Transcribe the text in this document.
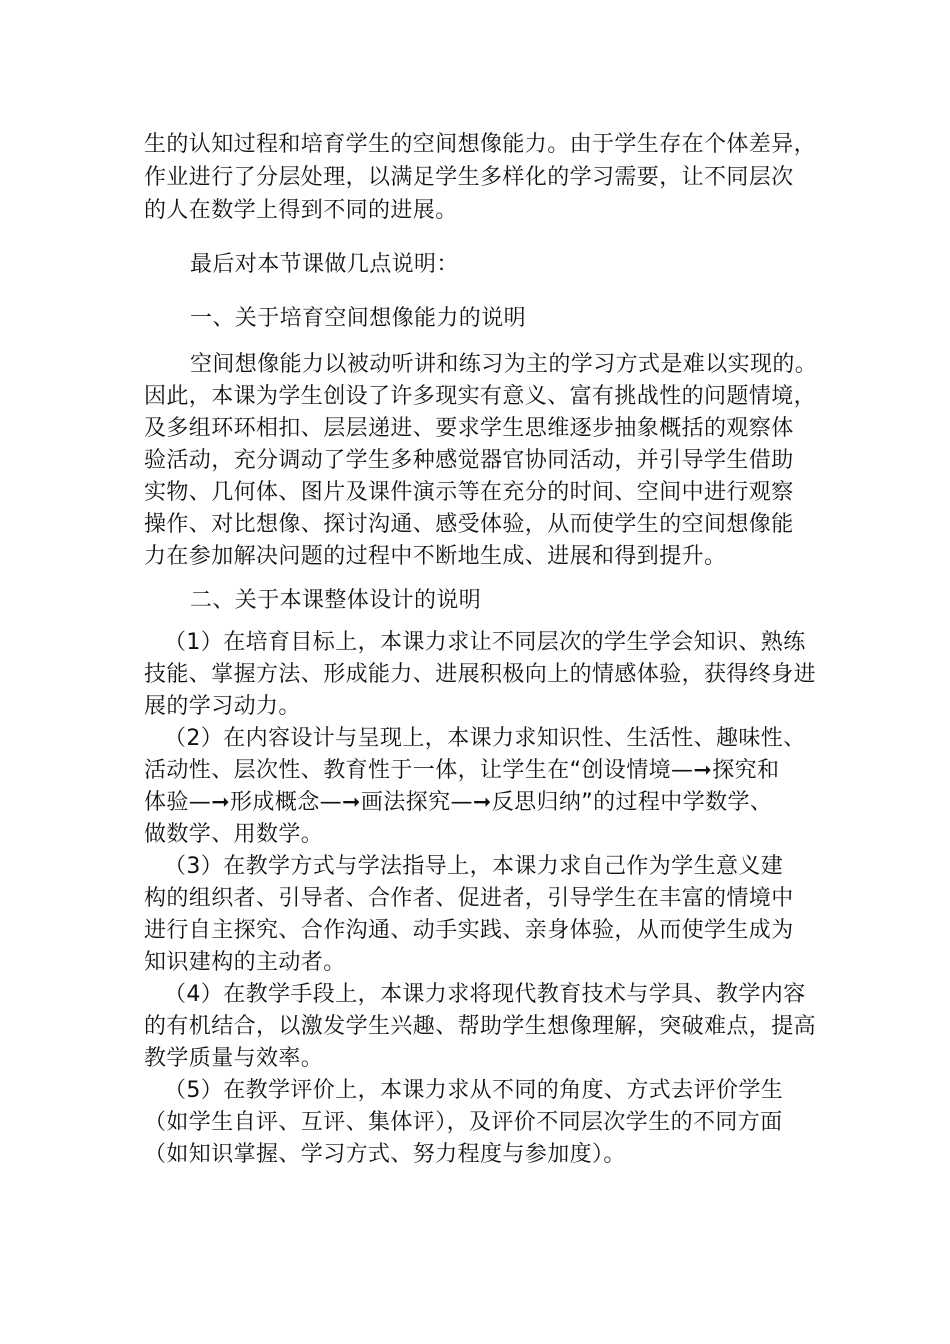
生的认知过程和培育学生的空间想像能力。由于学生存在个体差异，
作业进行了分层处理，以满足学生多样化的学习需要，让不同层次
的人在数学上得到不同的进展。
最后对本节课做几点说明：
一、关于培育空间想像能力的说明
空间想像能力以被动听讲和练习为主的学习方式是难以实现的。
因此，本课为学生创设了许多现实有意义、富有挑战性的问题情境，
及多组环环相扣、层层递进、要求学生思维逐步抽象概括的观察体
验活动，充分调动了学生多种感觉器官协同活动，并引导学生借助
实物、几何体、图片及课件演示等在充分的时间、空间中进行观察
操作、对比想像、探讨沟通、感受体验，从而使学生的空间想像能
力在参加解决问题的过程中不断地生成、进展和得到提升。
二、关于本课整体设计的说明
（1）在培育目标上，本课力求让不同层次的学生学会知识、熟练
技能、掌握方法、形成能力、进展积极向上的情感体验，获得终身进
展的学习动力。
（2）在内容设计与呈现上，本课力求知识性、生活性、趣味性、
活动性、层次性、教育性于一体，让学生在“创设情境—➞探究和
体验—➞形成概念—➞画法探究—➞反思归纳”的过程中学数学、
做数学、用数学。
（3）在教学方式与学法指导上，本课力求自己作为学生意义建
构的组织者、引导者、合作者、促进者，引导学生在丰富的情境中
进行自主探究、合作沟通、动手实践、亲身体验，从而使学生成为
知识建构的主动者。
（4）在教学手段上，本课力求将现代教育技术与学具、教学内容
的有机结合，以激发学生兴趣、帮助学生想像理解，突破难点，提高
教学质量与效率。
（5）在教学评价上，本课力求从不同的角度、方式去评价学生
（如学生自评、互评、集体评），及评价不同层次学生的不同方面
（如知识掌握、学习方式、努力程度与参加度）。
